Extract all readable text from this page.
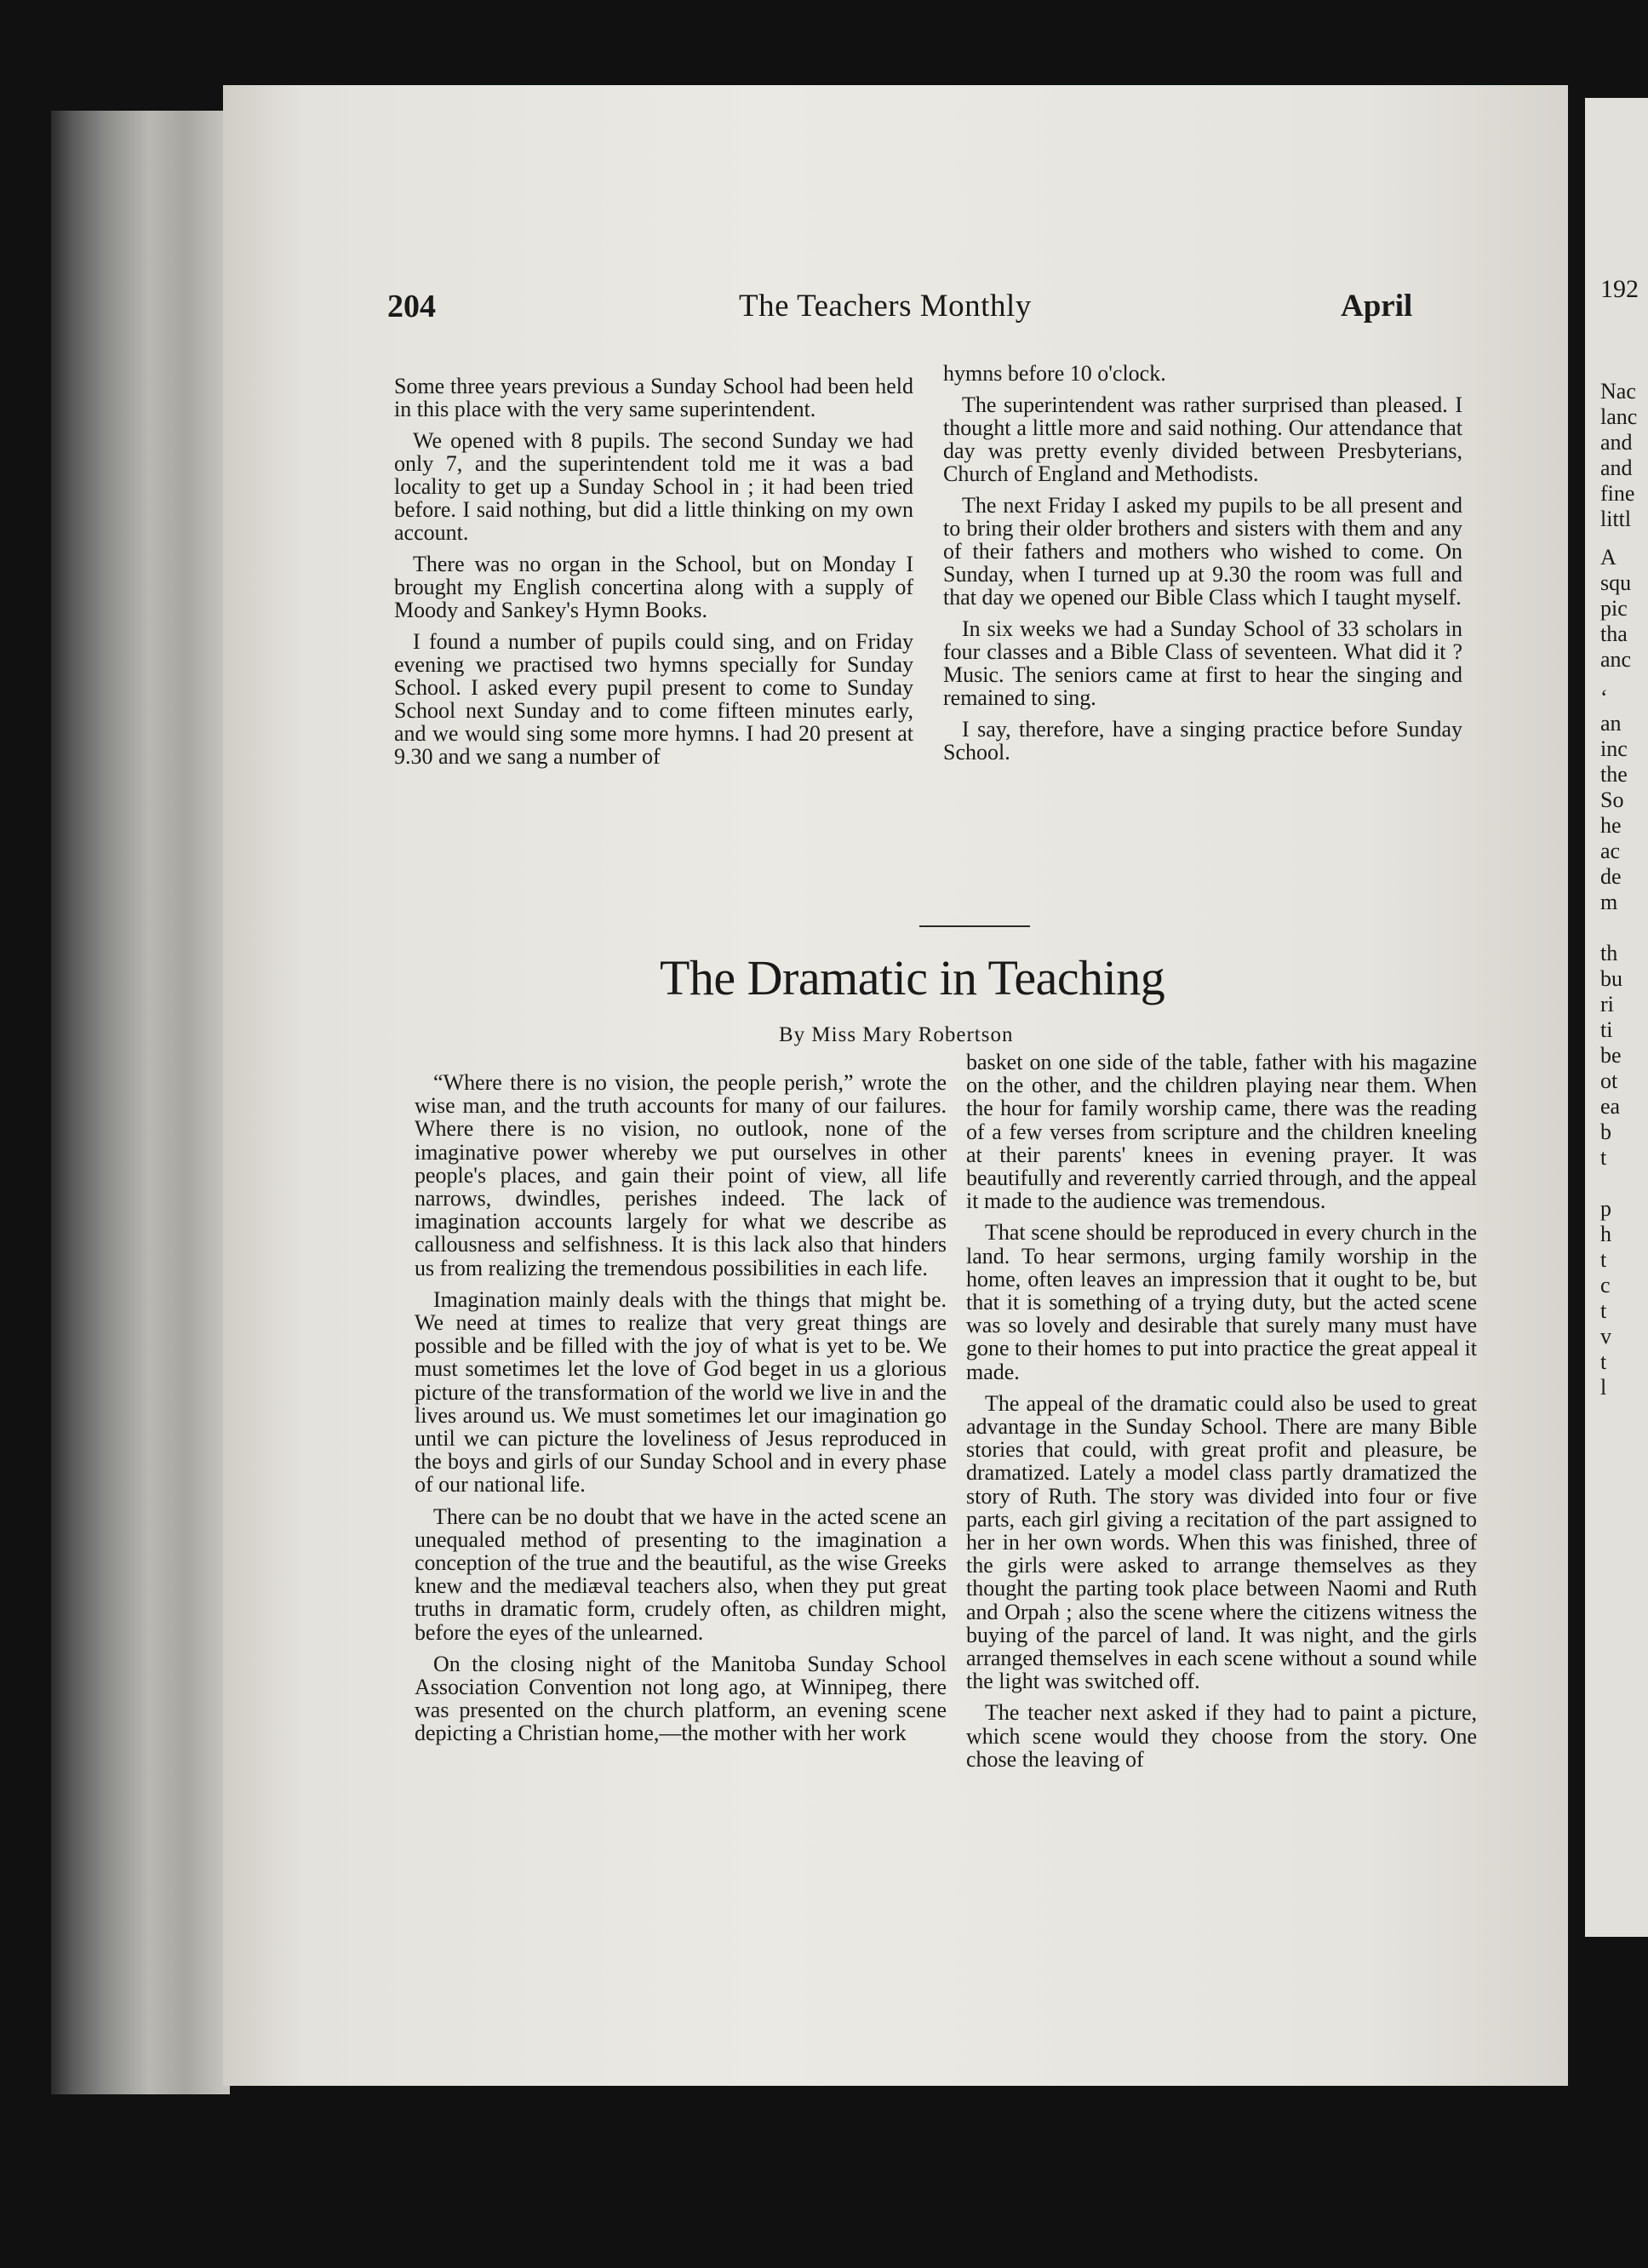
192
Nac
lanc
and
and
fine
littl
A
squ
pic
tha
anc
‘
an
inc
the
So
he
ac
de
m
th
bu
ri
ti
be
ot
ea
b
t
p
h
t
c
t
v
t
l
204	The Teachers Monthly	April

Some three years previous a Sunday School had been held in this place with the very same superintendent.

We opened with 8 pupils. The second Sunday we had only 7, and the superintendent told me it was a bad locality to get up a Sunday School in ; it had been tried before. I said nothing, but did a little thinking on my own account.

There was no organ in the School, but on Monday I brought my English concertina along with a supply of Moody and Sankey's Hymn Books.

I found a number of pupils could sing, and on Friday evening we practised two hymns specially for Sunday School. I asked every pupil present to come to Sunday School next Sunday and to come fifteen minutes early, and we would sing some more hymns. I had 20 present at 9.30 and we sang a number of

hymns before 10 o'clock.

The superintendent was rather surprised than pleased. I thought a little more and said nothing. Our attendance that day was pretty evenly divided between Presbyterians, Church of England and Methodists.

The next Friday I asked my pupils to be all present and to bring their older brothers and sisters with them and any of their fathers and mothers who wished to come. On Sunday, when I turned up at 9.30 the room was full and that day we opened our Bible Class which I taught myself.

In six weeks we had a Sunday School of 33 scholars in four classes and a Bible Class of seventeen. What did it ? Music. The seniors came at first to hear the singing and remained to sing.

I say, therefore, have a singing practice before Sunday School.

The Dramatic in Teaching
By Miss Mary Robertson

“Where there is no vision, the people perish,” wrote the wise man, and the truth accounts for many of our failures. Where there is no vision, no outlook, none of the imaginative power whereby we put ourselves in other people's places, and gain their point of view, all life narrows, dwindles, perishes indeed. The lack of imagination accounts largely for what we describe as callousness and selfishness. It is this lack also that hinders us from realizing the tremendous possibilities in each life.

Imagination mainly deals with the things that might be. We need at times to realize that very great things are possible and be filled with the joy of what is yet to be. We must sometimes let the love of God beget in us a glorious picture of the transformation of the world we live in and the lives around us. We must sometimes let our imagination go until we can picture the loveliness of Jesus reproduced in the boys and girls of our Sunday School and in every phase of our national life.

There can be no doubt that we have in the acted scene an unequaled method of presenting to the imagination a conception of the true and the beautiful, as the wise Greeks knew and the mediæval teachers also, when they put great truths in dramatic form, crudely often, as children might, before the eyes of the unlearned.

On the closing night of the Manitoba Sunday School Association Convention not long ago, at Winnipeg, there was presented on the church platform, an evening scene depicting a Christian home,—the mother with her work

basket on one side of the table, father with his magazine on the other, and the children playing near them. When the hour for family worship came, there was the reading of a few verses from scripture and the children kneeling at their parents' knees in evening prayer. It was beautifully and reverently carried through, and the appeal it made to the audience was tremendous.

That scene should be reproduced in every church in the land. To hear sermons, urging family worship in the home, often leaves an impression that it ought to be, but that it is something of a trying duty, but the acted scene was so lovely and desirable that surely many must have gone to their homes to put into practice the great appeal it made.

The appeal of the dramatic could also be used to great advantage in the Sunday School. There are many Bible stories that could, with great profit and pleasure, be dramatized. Lately a model class partly dramatized the story of Ruth. The story was divided into four or five parts, each girl giving a recitation of the part assigned to her in her own words. When this was finished, three of the girls were asked to arrange themselves as they thought the parting took place between Naomi and Ruth and Orpah ; also the scene where the citizens witness the buying of the parcel of land. It was night, and the girls arranged themselves in each scene without a sound while the light was switched off.

The teacher next asked if they had to paint a picture, which scene would they choose from the story. One chose the leaving of
